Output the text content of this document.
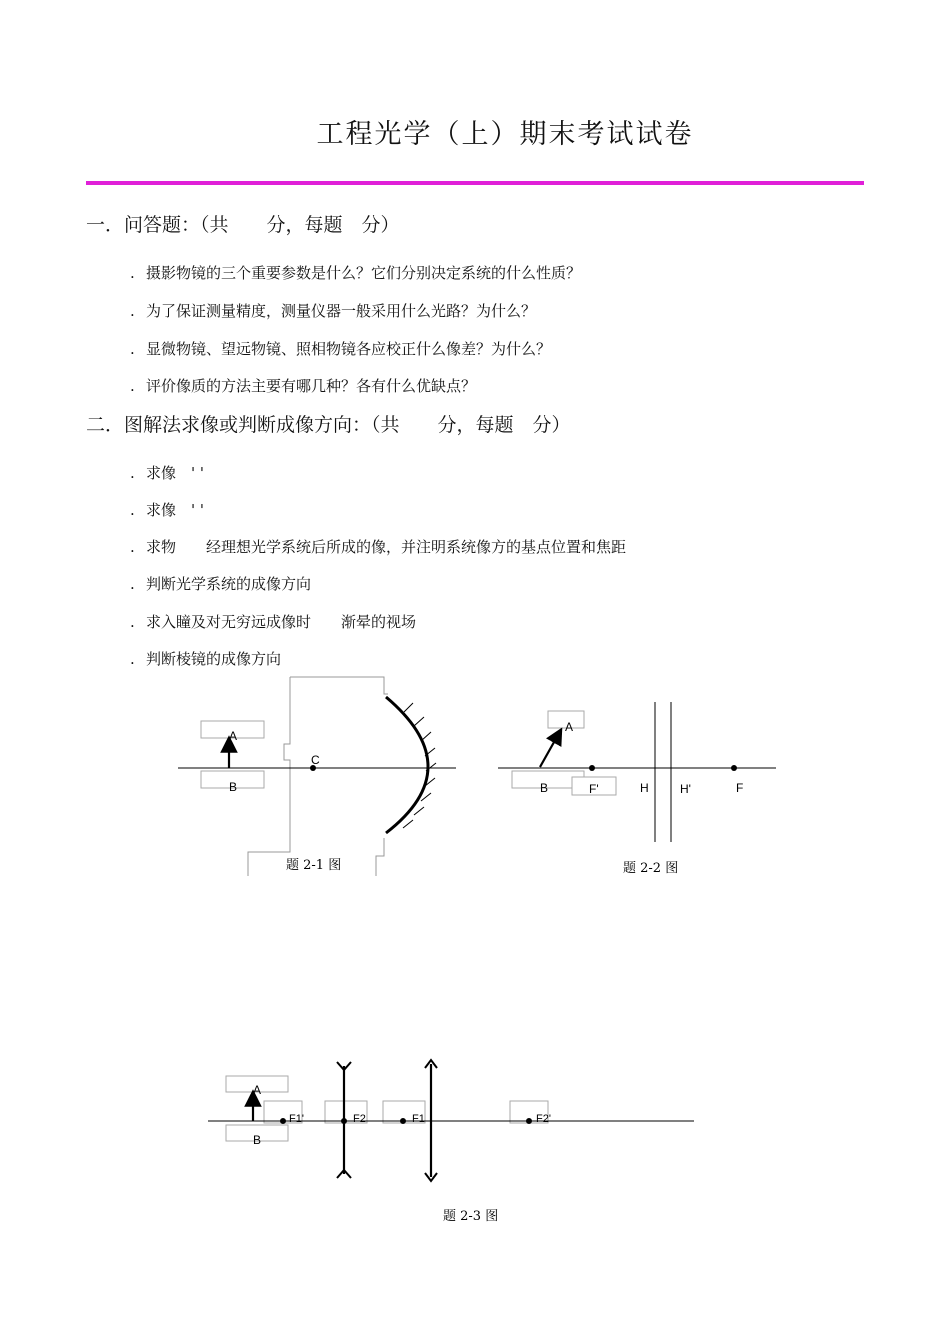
工程光学（上）期末考试试卷
一．问答题：（共　　分，每题　分）
. 摄影物镜的三个重要参数是什么？它们分别决定系统的什么性质？
. 为了保证测量精度，测量仪器一般采用什么光路？为什么？
. 显微物镜、望远物镜、照相物镜各应校正什么像差？为什么？
. 评价像质的方法主要有哪几种？各有什么优缺点？
二．图解法求像或判断成像方向：（共　　分，每题　分）
. 求像　' '
. 求像　' '
. 求物　　经理想光学系统后所成的像，并注明系统像方的基点位置和焦距
. 判断光学系统的成像方向
. 求入瞳及对无穷远成像时　　渐晕的视场
. 判断棱镜的成像方向
A
B
C
题 2-1 图
A
B	F'	H	H'	F
题 2-2 图
A
B
F1'	F2	F1	F2'
题 2-3 图
